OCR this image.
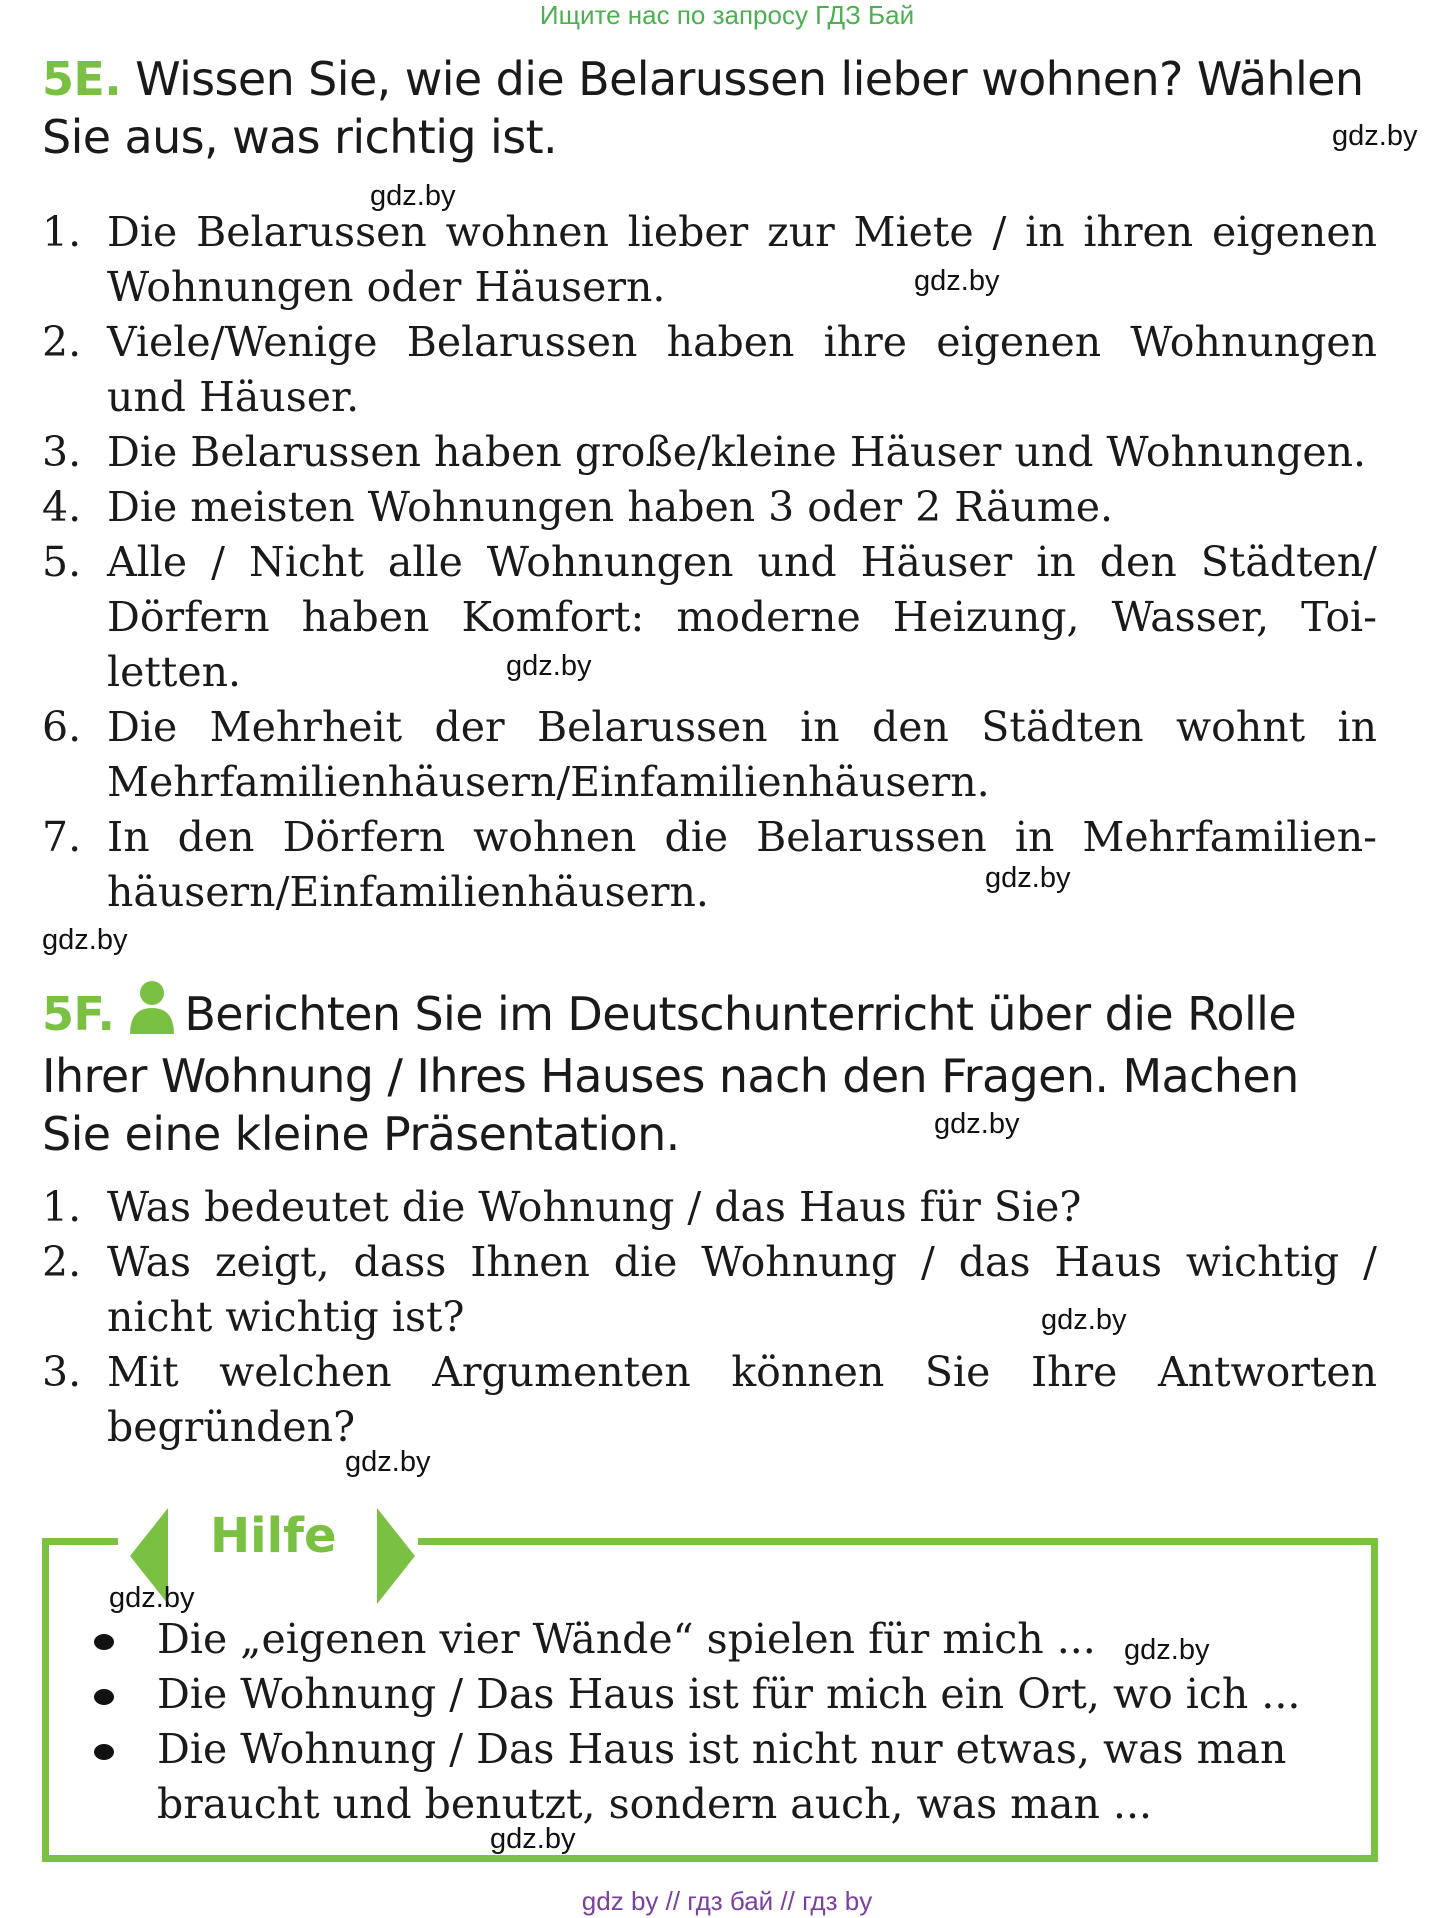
Ищите нас по запросу ГДЗ Бай
5E. Wissen Sie, wie die Belarussen lieber wohnen? Wählen Sie aus, was richtig ist.
1. Die Belarussen wohnen lieber zur Miete / in ihren eigenen Wohnungen oder Häusern.
2. Viele/Wenige Belarussen haben ihre eigenen Wohnungen und Häuser.
3. Die Belarussen haben große/kleine Häuser und Wohnungen.
4. Die meisten Wohnungen haben 3 oder 2 Räume.
5. Alle / Nicht alle Wohnungen und Häuser in den Städten/ Dörfern haben Komfort: moderne Heizung, Wasser, Toiletten.
6. Die Mehrheit der Belarussen in den Städten wohnt in Mehrfamilienhäusern/Einfamilienhäusern.
7. In den Dörfern wohnen die Belarussen in Mehrfamilienhäusern/Einfamilienhäusern.
5F. Berichten Sie im Deutschunterricht über die Rolle Ihrer Wohnung / Ihres Hauses nach den Fragen. Machen Sie eine kleine Präsentation.
1. Was bedeutet die Wohnung / das Haus für Sie?
2. Was zeigt, dass Ihnen die Wohnung / das Haus wichtig / nicht wichtig ist?
3. Mit welchen Argumenten können Sie Ihre Antworten begründen?
Hilfe
Die „eigenen vier Wände“ spielen für mich ...
Die Wohnung / Das Haus ist für mich ein Ort, wo ich ...
Die Wohnung / Das Haus ist nicht nur etwas, was man braucht und benutzt, sondern auch, was man ...
gdz.by
gdz.by
gdz.by
gdz.by
gdz.by
gdz.by
gdz.by
gdz.by
gdz.by
gdz.by
gdz.by
gdz.by
gdz by // гдз бай // гдз by
